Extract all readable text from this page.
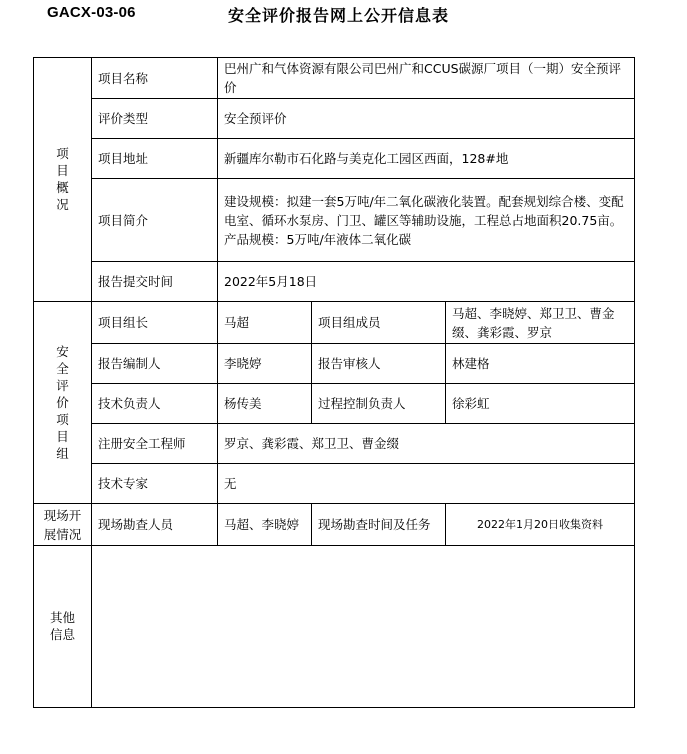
GACX-03-06	安全评价报告网上公开信息表
项目概况	项目名称	巴州广和气体资源有限公司巴州广和CCUS碳源厂项目（一期）安全预评价		
	评价类型	安全预评价		
	项目地址	新疆库尔勒市石化路与美克化工园区西面，128#地		
	项目简介	建设规模：拟建一套5万吨/年二氧化碳液化装置。配套规划综合楼、变配电室、循环水泵房、门卫、罐区等辅助设施，工程总占地面积20.75亩。
产品规模：5万吨/年液体二氧化碳		

	报告提交时间	2022年5月18日		
安全评价项目组	项目组长	马超	项目组成员	马超、李晓婷、郑卫卫、曹金缀、龚彩霞、罗京
	报告编制人	李晓婷	报告审核人	林建格
	技术负责人	杨传美	过程控制负责人	徐彩虹
	注册安全工程师	罗京、龚彩霞、郑卫卫、曹金缀		
	技术专家	无		
现场开展情况	现场勘查人员	马超、李晓婷	现场勘查时间及任务	2022年1月20日收集资料
其他信息				
